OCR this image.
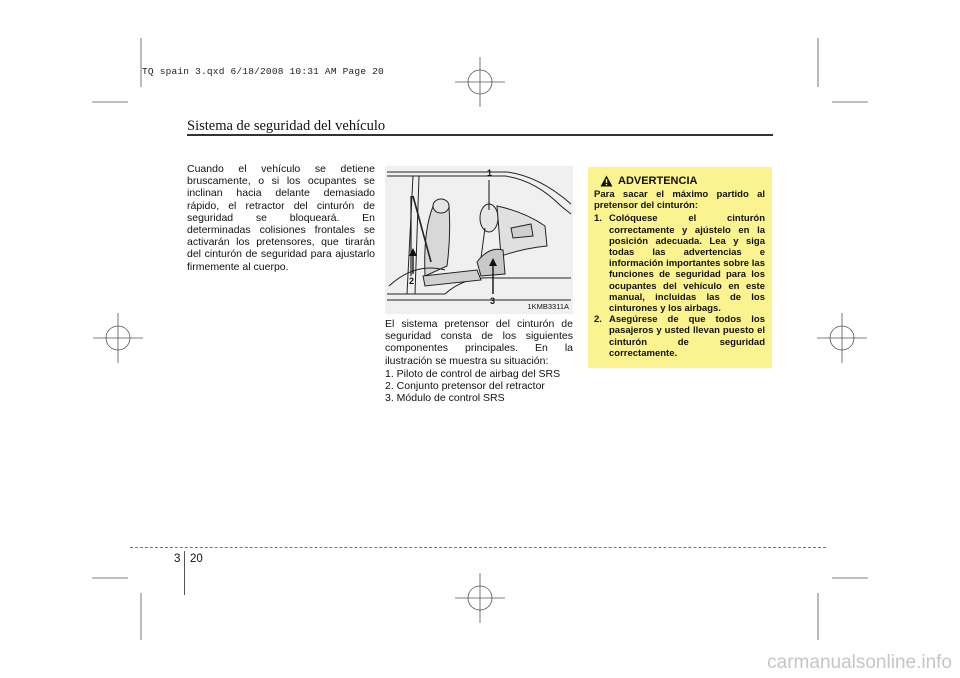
TQ spain 3.qxd 6/18/2008 10:31 AM Page 20
Sistema de seguridad del vehículo
Cuando el vehículo se detiene bruscamente, o si los ocupantes se inclinan hacia delante demasiado rápido, el retractor del cinturón de seguridad se bloqueará. En determinadas colisiones frontales se activarán los pretensores, que tirarán del cinturón de seguridad para ajustarlo firmemente al cuerpo.
1
2
3
1KMB3311A

El sistema pretensor del cinturón de seguridad consta de los siguientes componentes principales. En la ilustración se muestra su situación:

1. Piloto de control de airbag del SRS
2. Conjunto pretensor del retractor
3. Módulo de control SRS
ADVERTENCIA

Para sacar el máximo partido al pretensor del cinturón:

1. Colóquese el cinturón correctamente y ajústelo en la posición adecuada. Lea y siga todas las advertencias e información importantes sobre las funciones de seguridad para los ocupantes del vehículo en este manual, incluidas las de los cinturones y los airbags.
2. Asegúrese de que todos los pasajeros y usted llevan puesto el cinturón de seguridad correctamente.
3 20
carmanualsonline.info
